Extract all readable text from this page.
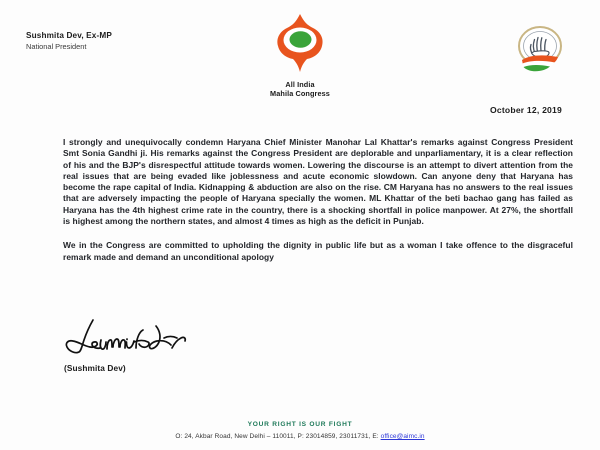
Sushmita Dev, Ex-MP
National President
All India
Mahila Congress
October 12, 2019

I strongly and unequivocally condemn Haryana Chief Minister Manohar Lal Khattar's remarks against Congress President Smt Sonia Gandhi ji. His remarks against the Congress President are deplorable and unparliamentary, it is a clear reflection of his and the BJP's disrespectful attitude towards women. Lowering the discourse is an attempt to divert attention from the real issues that are being evaded like joblessness and acute economic slowdown. Can anyone deny that Haryana has become the rape capital of India. Kidnapping & abduction are also on the rise. CM Haryana has no answers to the real issues that are adversely impacting the people of Haryana specially the women. ML Khattar of the beti bachao gang has failed as Haryana has the 4th highest crime rate in the country, there is a shocking shortfall in police manpower. At 27%, the shortfall is highest among the northern states, and almost 4 times as high as the deficit in Punjab.

We in the Congress are committed to upholding the dignity in public life but as a woman I take offence to the disgraceful remark made and demand an unconditional apology

(Sushmita Dev)
YOUR RIGHT IS OUR FIGHT
O: 24, Akbar Road, New Delhi – 110011, P: 23014859, 23011731, E: office@aimc.in
